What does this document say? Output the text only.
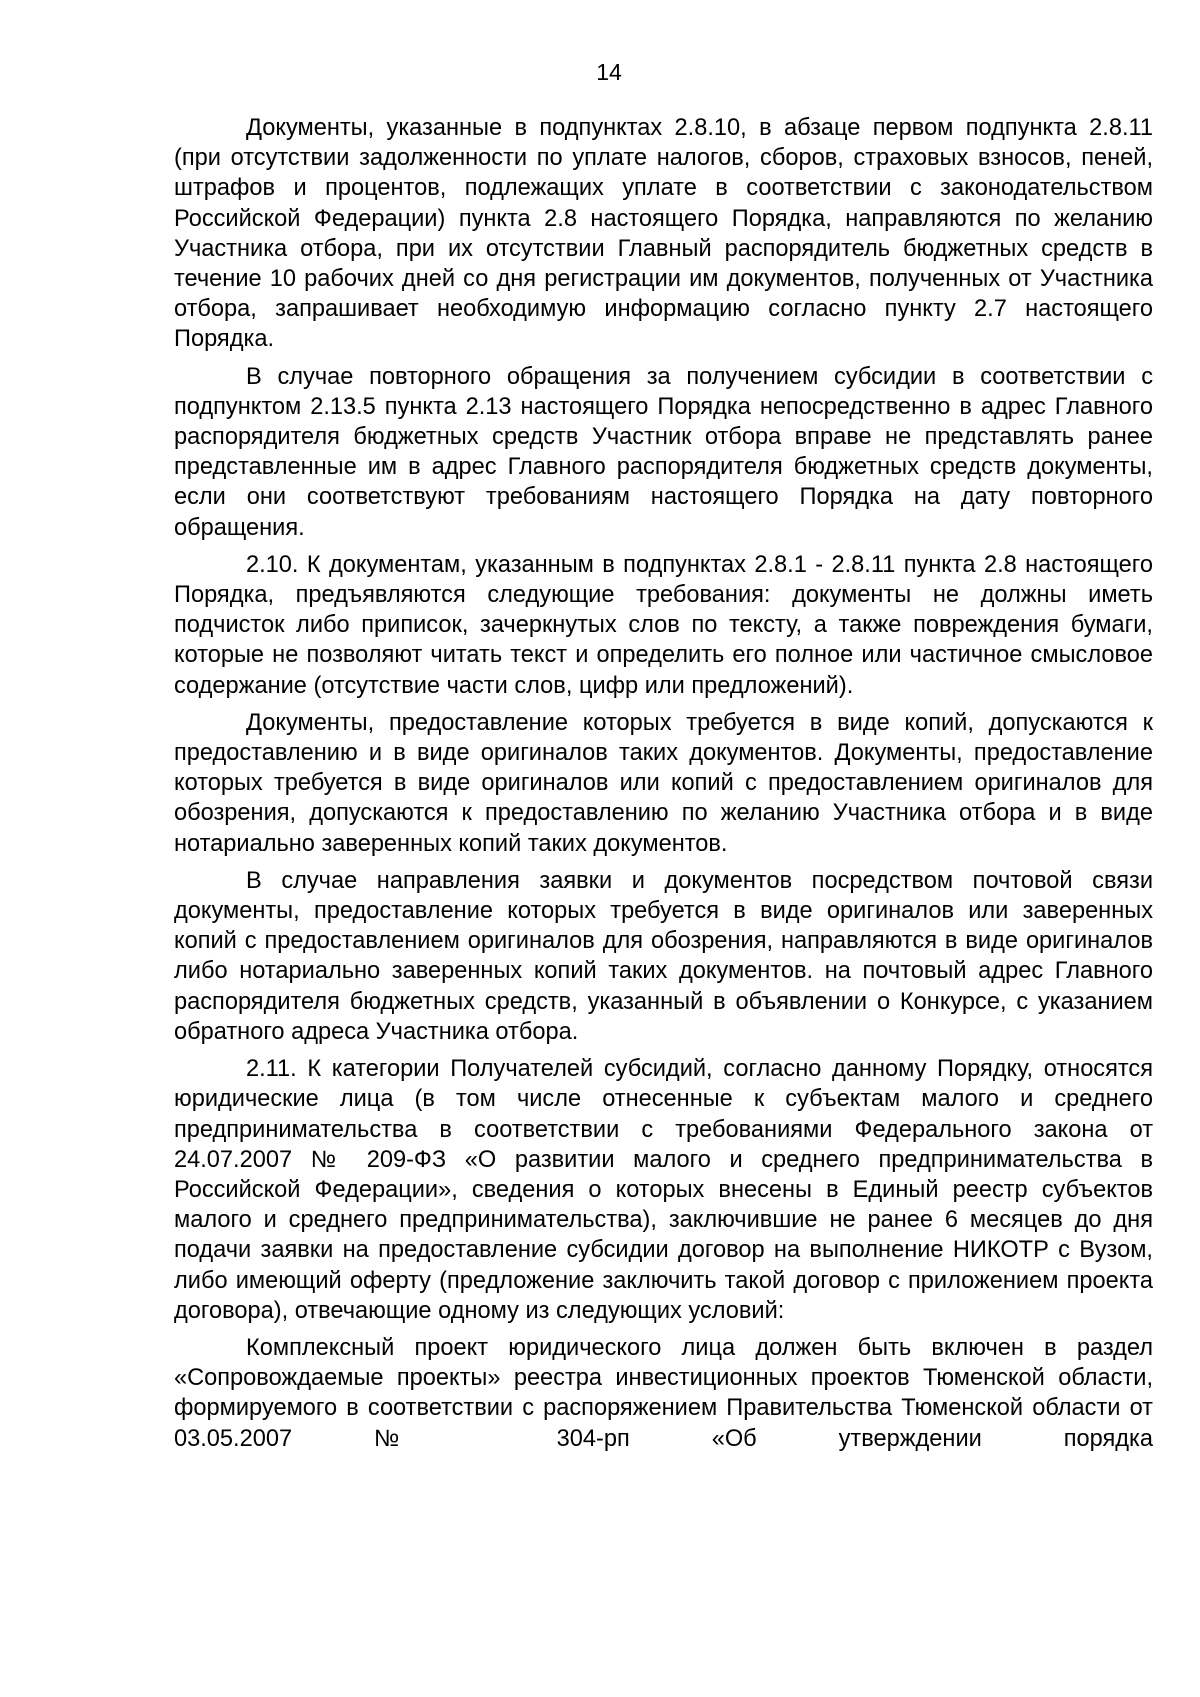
14

Документы, указанные в подпунктах 2.8.10, в абзаце первом подпункта 2.8.11 (при отсутствии задолженности по уплате налогов, сборов, страховых взносов, пеней, штрафов и процентов, подлежащих уплате в соответствии с законодательством Российской Федерации) пункта 2.8 настоящего Порядка, направляются по желанию Участника отбора, при их отсутствии Главный распорядитель бюджетных средств в течение 10 рабочих дней со дня регистрации им документов, полученных от Участника отбора, запрашивает необходимую информацию согласно пункту 2.7 настоящего Порядка.

В случае повторного обращения за получением субсидии в соответствии с подпунктом 2.13.5 пункта 2.13 настоящего Порядка непосредственно в адрес Главного распорядителя бюджетных средств Участник отбора вправе не представлять ранее представленные им в адрес Главного распорядителя бюджетных средств документы, если они соответствуют требованиям настоящего Порядка на дату повторного обращения.

2.10. К документам, указанным в подпунктах 2.8.1 - 2.8.11 пункта 2.8 настоящего Порядка, предъявляются следующие требования: документы не должны иметь подчисток либо приписок, зачеркнутых слов по тексту, а также повреждения бумаги, которые не позволяют читать текст и определить его полное или частичное смысловое содержание (отсутствие части слов, цифр или предложений).

Документы, предоставление которых требуется в виде копий, допускаются к предоставлению и в виде оригиналов таких документов. Документы, предоставление которых требуется в виде оригиналов или копий с предоставлением оригиналов для обозрения, допускаются к предоставлению по желанию Участника отбора и в виде нотариально заверенных копий таких документов.

В случае направления заявки и документов посредством почтовой связи документы, предоставление которых требуется в виде оригиналов или заверенных копий с предоставлением оригиналов для обозрения, направляются в виде оригиналов либо нотариально заверенных копий таких документов. на почтовый адрес Главного распорядителя бюджетных средств, указанный в объявлении о Конкурсе, с указанием обратного адреса Участника отбора.

2.11. К категории Получателей субсидий, согласно данному Порядку, относятся юридические лица (в том числе отнесенные к субъектам малого и среднего предпринимательства в соответствии с требованиями Федерального закона от 24.07.2007 № 209-ФЗ «О развитии малого и среднего предпринимательства в Российской Федерации», сведения о которых внесены в Единый реестр субъектов малого и среднего предпринимательства), заключившие не ранее 6 месяцев до дня подачи заявки на предоставление субсидии договор на выполнение НИКОТР с Вузом, либо имеющий оферту (предложение заключить такой договор с приложением проекта договора), отвечающие одному из следующих условий:

Комплексный проект юридического лица должен быть включен в раздел «Сопровождаемые проекты» реестра инвестиционных проектов Тюменской области, формируемого в соответствии с распоряжением Правительства Тюменской области от 03.05.2007 № 304-рп «Об утверждении порядка
